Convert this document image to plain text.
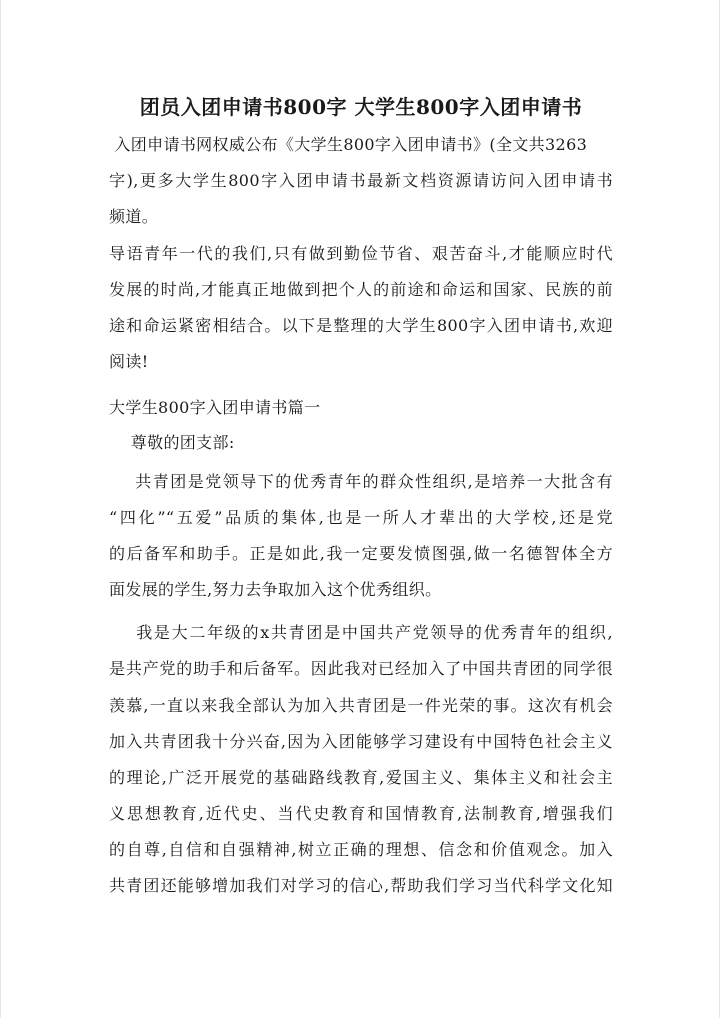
团员入团申请书800字 大学生800字入团申请书
入团申请书网权威公布《大学生800字入团申请书》(全文共3263
字),更多大学生800字入团申请书最新文档资源请访问入团申请书
频道。
导语青年一代的我们,只有做到勤俭节省、艰苦奋斗,才能顺应时代
发展的时尚,才能真正地做到把个人的前途和命运和国家、民族的前
途和命运紧密相结合。以下是整理的大学生800字入团申请书,欢迎
阅读!
大学生800字入团申请书篇一
尊敬的团支部:
共青团是党领导下的优秀青年的群众性组织,是培养一大批含有
“四化”“五爱”品质的集体,也是一所人才辈出的大学校,还是党
的后备军和助手。正是如此,我一定要发愤图强,做一名德智体全方
面发展的学生,努力去争取加入这个优秀组织。
我是大二年级的x共青团是中国共产党领导的优秀青年的组织,
是共产党的助手和后备军。因此我对已经加入了中国共青团的同学很
羡慕,一直以来我全部认为加入共青团是一件光荣的事。这次有机会
加入共青团我十分兴奋,因为入团能够学习建设有中国特色社会主义
的理论,广泛开展党的基础路线教育,爱国主义、集体主义和社会主
义思想教育,近代史、当代史教育和国情教育,法制教育,增强我们
的自尊,自信和自强精神,树立正确的理想、信念和价值观念。加入
共青团还能够增加我们对学习的信心,帮助我们学习当代科学文化知
